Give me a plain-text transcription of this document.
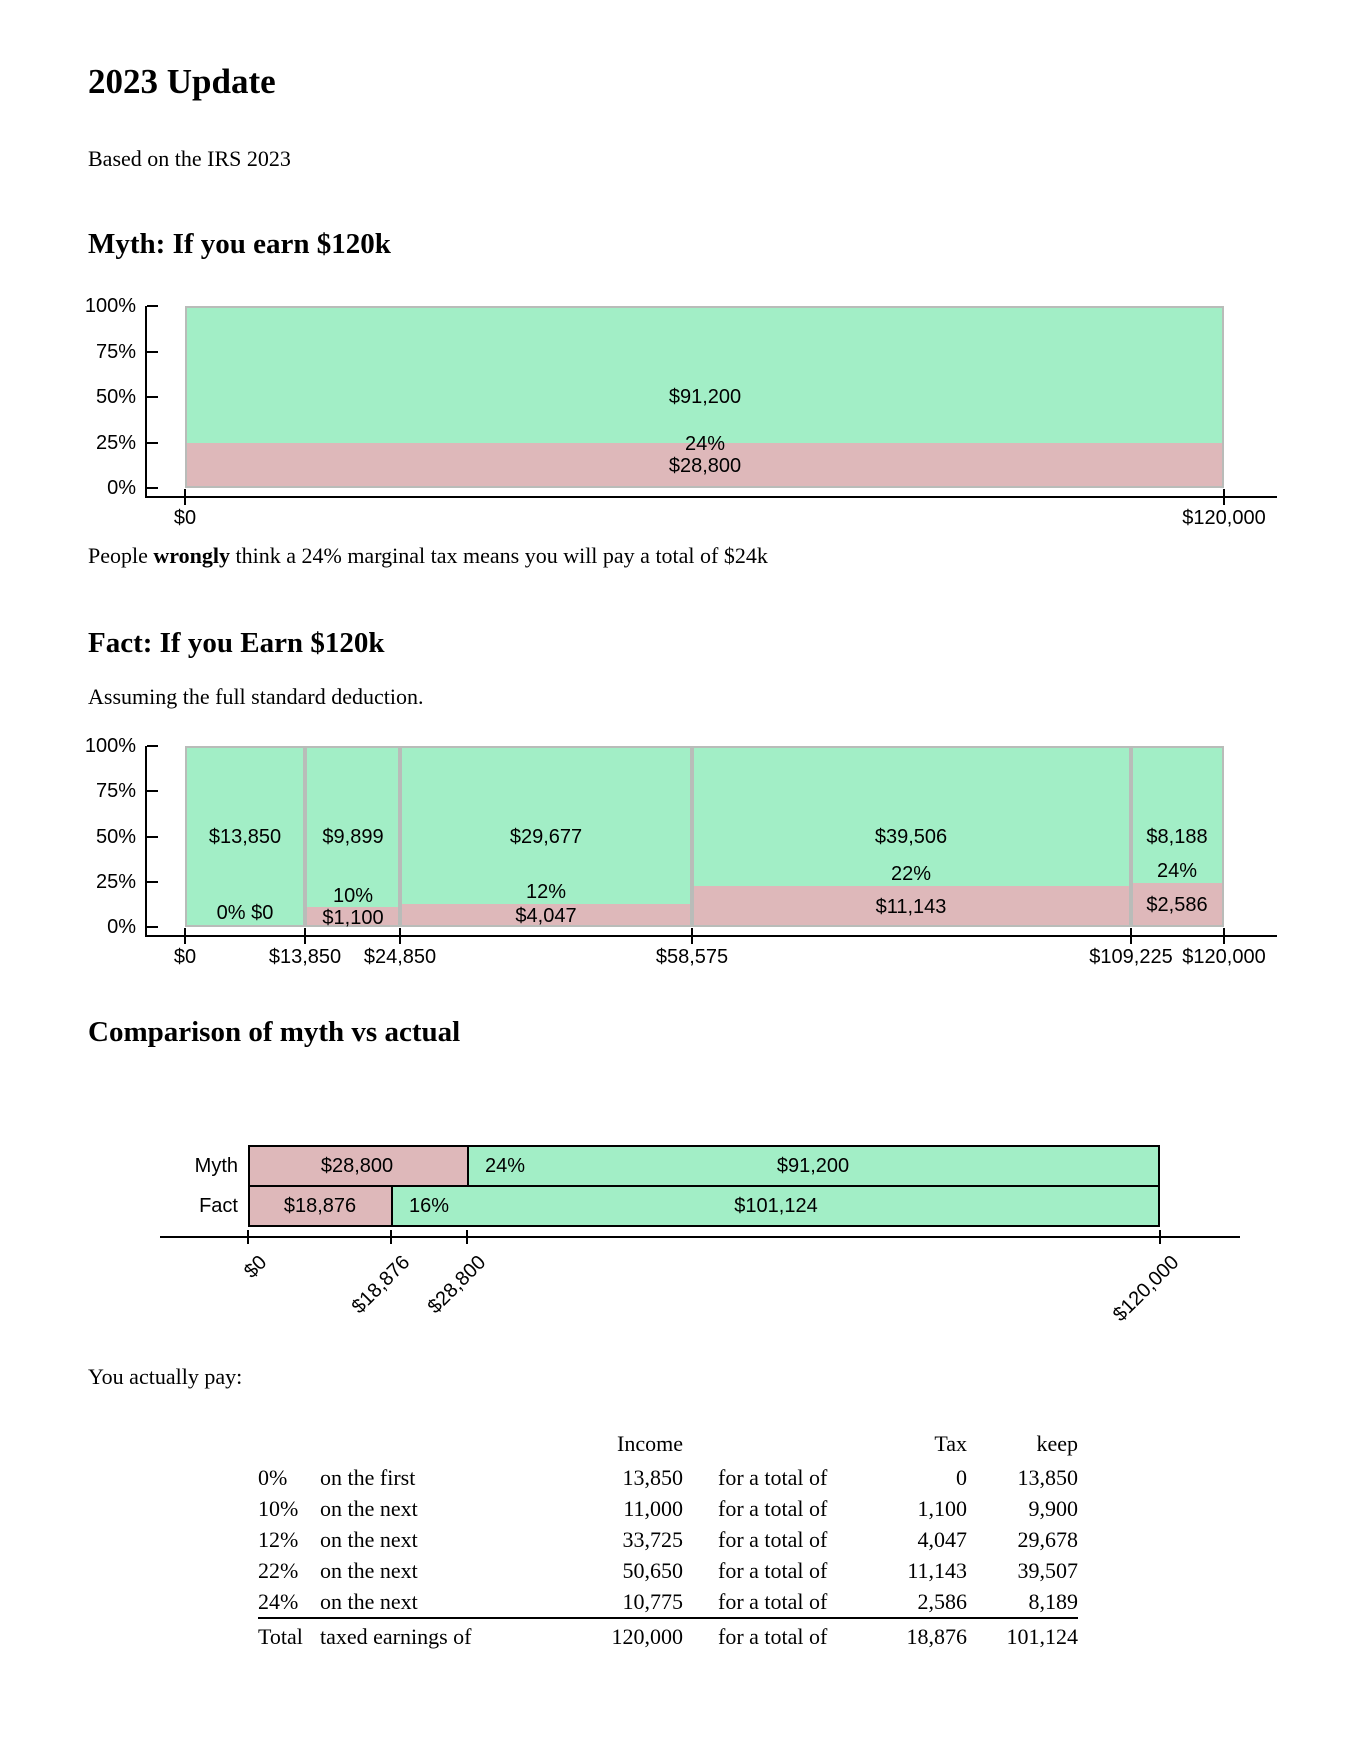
2023 Update
Based on the IRS 2023
Myth: If you earn $120k
100%
75%
50%
25%
0%
$0	$120,000
$91,200
24%
$28,800
People wrongly think a 24% marginal tax means you will pay a total of $24k
Fact: If you Earn $120k
Assuming the full standard deduction.
100%
75%
50%
25%
0%
$0	$13,850	$24,850	$58,575	$109,225 $120,000
$13,850
0% $0
$9,899
10%
$1,100
$29,677
12%
$4,047
$39,506
22%
$11,143
$8,188
24%
$2,586
Comparison of myth vs actual
Myth	$28,800	24%	$91,200
Fact	$18,876	16%	$101,124
$0	$18,876 $28,800	$120,000
You actually pay:
		Income		Tax	keep
0%	on the first	13,850	for a total of	0	13,850
10%	on the next	11,000	for a total of	1,100	9,900
12%	on the next	33,725	for a total of	4,047	29,678
22%	on the next	50,650	for a total of	11,143	39,507
24%	on the next	10,775	for a total of	2,586	8,189
Total	taxed earnings of	120,000	for a total of	18,876	101,124
